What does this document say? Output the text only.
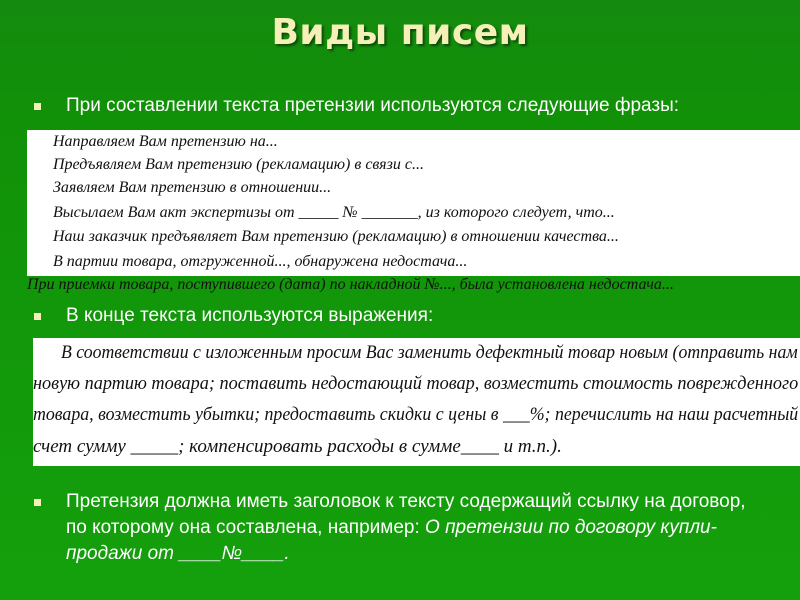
Виды писем
При составлении текста претензии используются следующие фразы:
Направляем Вам претензию на...
Предъявляем Вам претензию (рекламацию) в связи с...
Заявляем Вам претензию в отношении...
Высылаем Вам акт экспертизы от _____ № _______, из которого следует, что...
Наш заказчик предъявляет Вам претензию (рекламацию) в отношении качества...
В партии товара, отгруженной..., обнаружена недостача...
При приемки товара, поступившего (дата) по накладной №..., была установлена недостача...
В конце текста используются выражения:
В соответствии с изложенным просим Вас заменить дефектный товар новым (отправить нам
новую партию товара; поставить недостающий товар, возместить стоимость поврежденного
товара, возместить убытки; предоставить скидки с цены в ___%; перечислить на наш расчетный
счет сумму _____; компенсировать расходы в сумме____ и т.п.).
Претензия должна иметь заголовок к тексту содержащий ссылку на договор, по которому она составлена, например: О претензии по договору купли-продажи от ____№____.
